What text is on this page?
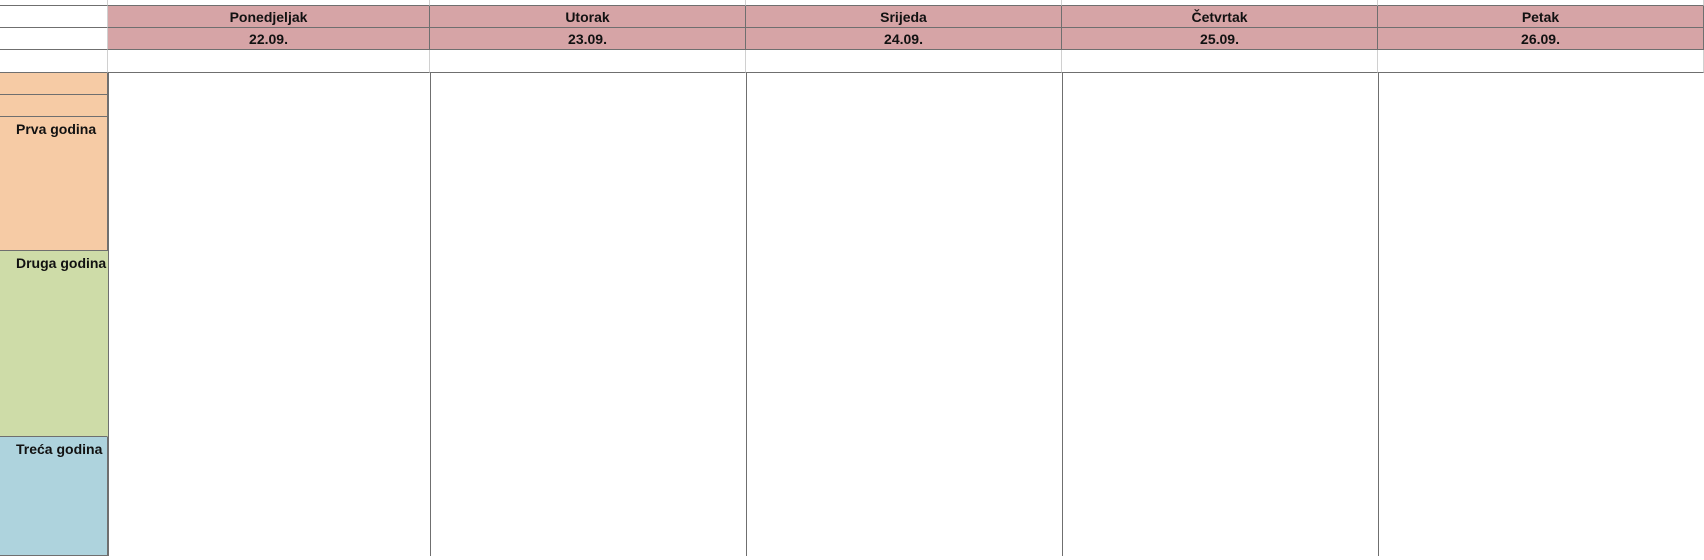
Ponedjeljak
22.09.
Utorak
23.09.
Srijeda
24.09.
Četvrtak
25.09.
Petak
26.09.
Prva godina
Druga godina
Treća godina
